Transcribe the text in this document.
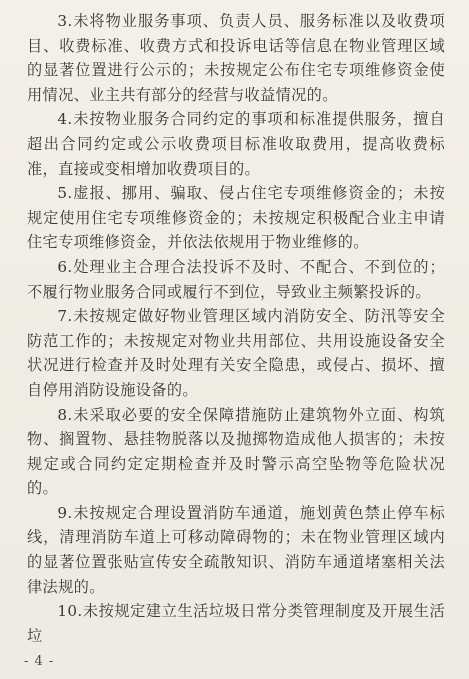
3.未将物业服务事项、负责人员、服务标准以及收费项目、收费标准、收费方式和投诉电话等信息在物业管理区域的显著位置进行公示的；未按规定公布住宅专项维修资金使用情况、业主共有部分的经营与收益情况的。

4.未按物业服务合同约定的事项和标准提供服务，擅自超出合同约定或公示收费项目标准收取费用，提高收费标准，直接或变相增加收费项目的。

5.虚报、挪用、骗取、侵占住宅专项维修资金的；未按规定使用住宅专项维修资金的；未按规定积极配合业主申请住宅专项维修资金，并依法依规用于物业维修的。

6.处理业主合理合法投诉不及时、不配合、不到位的；不履行物业服务合同或履行不到位，导致业主频繁投诉的。

7.未按规定做好物业管理区域内消防安全、防汛等安全防范工作的；未按规定对物业共用部位、共用设施设备安全状况进行检查并及时处理有关安全隐患，或侵占、损坏、擅自停用消防设施设备的。

8.未采取必要的安全保障措施防止建筑物外立面、构筑物、搁置物、悬挂物脱落以及抛掷物造成他人损害的；未按规定或合同约定定期检查并及时警示高空坠物等危险状况的。

9.未按规定合理设置消防车通道，施划黄色禁止停车标线，清理消防车道上可移动障碍物的；未在物业管理区域内的显著位置张贴宣传安全疏散知识、消防车通道堵塞相关法律法规的。

10.未按规定建立生活垃圾日常分类管理制度及开展生活垃

- 4 -
